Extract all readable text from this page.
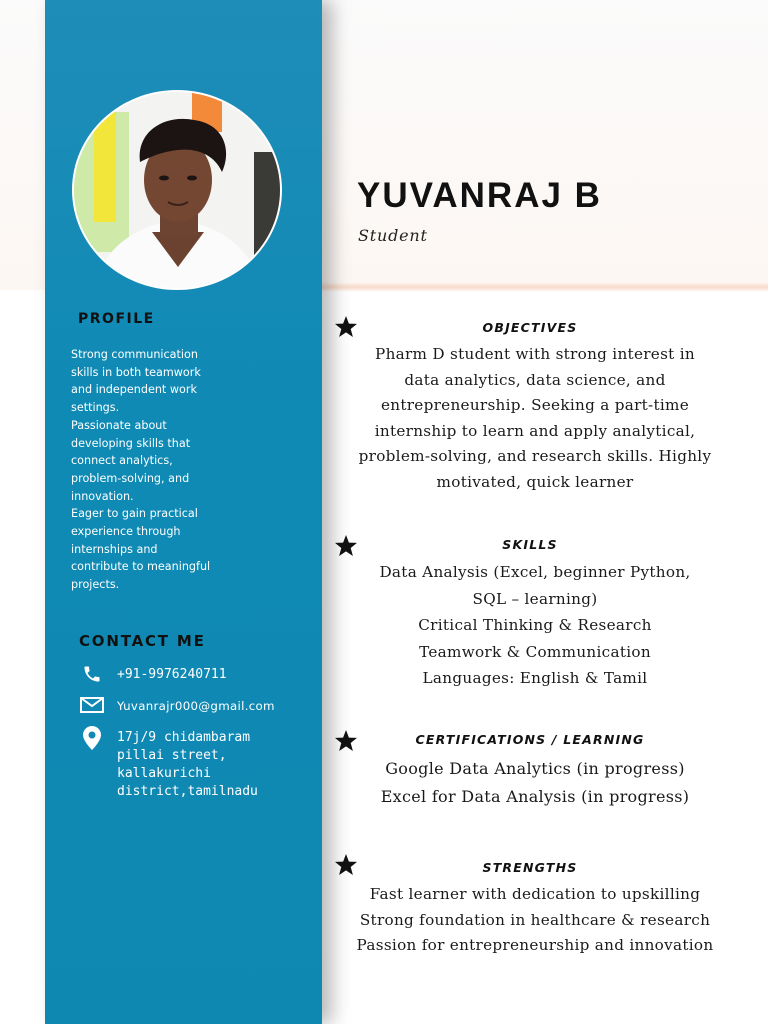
PROFILE

Strong communication
skills in both teamwork
and independent work
settings.
Passionate about
developing skills that
connect analytics,
problem-solving, and
innovation.
Eager to gain practical
experience through
internships and
contribute to meaningful
projects.

CONTACT ME

+91-9976240711

Yuvanrajr000@gmail.com

17j/9 chidambaram
pillai street,
kallakurichi
district,tamilnadu

YUVANRAJ B

Student

OBJECTIVES

Pharm D student with strong interest in
data analytics, data science, and
entrepreneurship. Seeking a part-time
internship to learn and apply analytical,
problem-solving, and research skills. Highly
motivated, quick learner

SKILLS

Data Analysis (Excel, beginner Python,
SQL – learning)
Critical Thinking & Research
Teamwork & Communication
Languages: English & Tamil

CERTIFICATIONS / LEARNING

Google Data Analytics (in progress)
Excel for Data Analysis (in progress)

STRENGTHS

Fast learner with dedication to upskilling
Strong foundation in healthcare & research
Passion for entrepreneurship and innovation
